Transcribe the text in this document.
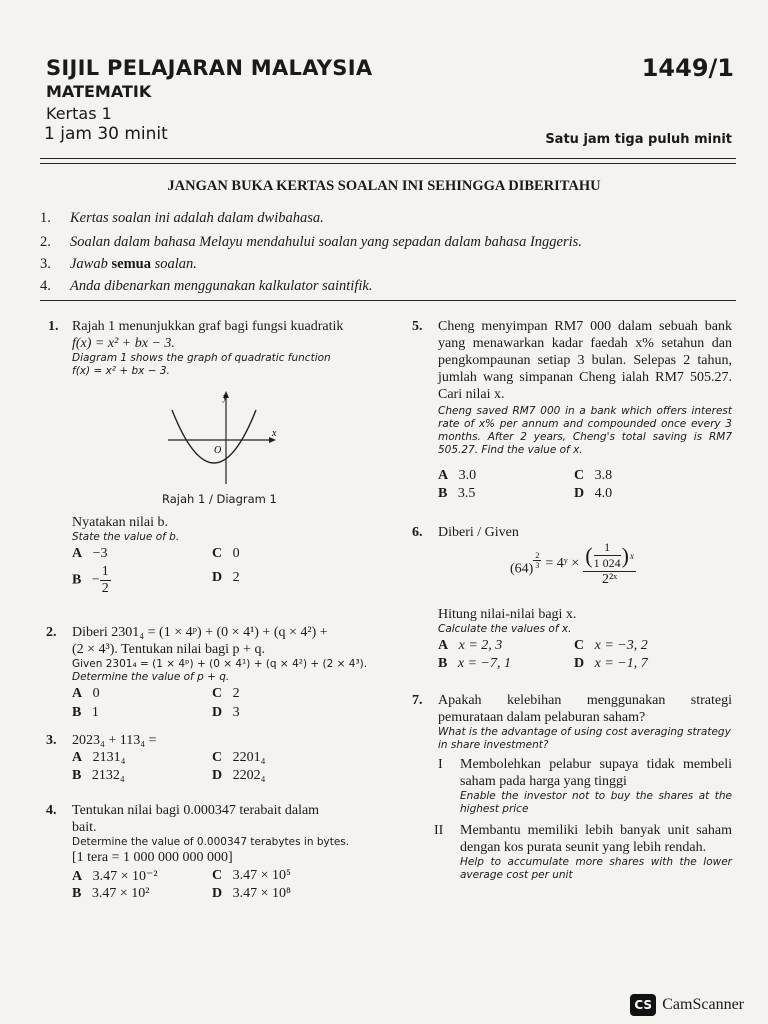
SIJIL PELAJARAN MALAYSIA	1449/1
MATEMATIK
Kertas 1
1 jam 30 minit	Satu jam tiga puluh minit
JANGAN BUKA KERTAS SOALAN INI SEHINGGA DIBERITAHU
1. Kertas soalan ini adalah dalam dwibahasa.
2. Soalan dalam bahasa Melayu mendahului soalan yang sepadan dalam bahasa Inggeris.
3. Jawab semua soalan.
4. Anda dibenarkan menggunakan kalkulator saintifik.
1. Rajah 1 menunjukkan graf bagi fungsi kuadratik
f(x) = x² + bx − 3.
Diagram 1 shows the graph of quadratic function
f(x) = x² + bx − 3.
y
x
O
Rajah 1 / Diagram 1
Nyatakan nilai b.
State the value of b.
A −3
$B - \frac{1}{2}$
C 0
D 2
2. Diberi 2301₄ = (1 × 4ᵖ) + (0 × 4¹) + (q × 4²) +
(2 × 4³). Tentukan nilai bagi p + q.
Given 2301₄ = (1 × 4ᵖ) + (0 × 4¹) + (q × 4²) + (2 × 4³).
Determine the value of p + q.
A 0
B 1
C 2
D 3
3. 2023₄ + 113₄ =
A 2131₄
B 2132₄
C 2201₄
D 2202₄
4. Tentukan nilai bagi 0.000347 terabait dalam
bait.
Determine the value of 0.000347 terabytes in bytes.
[1 tera = 1 000 000 000 000]
A 3.47 × 10⁻²
B 3.47 × 10²
C 3.47 × 10⁵
D 3.47 × 10⁸
5. Cheng menyimpan RM7 000 dalam sebuah bank yang menawarkan kadar faedah x% setahun dan pengkompaunan setiap 3 bulan. Selepas 2 tahun, jumlah wang simpanan Cheng ialah RM7 505.27. Cari nilai x.
Cheng saved RM7 000 in a bank which offers interest rate of x% per annum and compounded once every 3 months. After 2 years, Cheng's total saving is RM7 505.27. Find the value of x.
A 3.0
B 3.5
C 3.8
D 4.0
6. Diberi / Given
(64) $^{\frac{2}{3}}$ = 4ʸ × $\frac{( \frac{1}{1 024} ) x}{\text{2²ˣ}}$
Hitung nilai-nilai bagi x.
Calculate the values of x.
A x = 2, 3
B x = −7, 1
C x = −3, 2
D x = −1, 7
7. Apakah kelebihan menggunakan strategi
pemurataan dalam pelaburan saham?
What is the advantage of using cost averaging strategy in share investment?
I Membolehkan pelabur supaya tidak membeli saham pada harga yang tinggi
Enable the investor not to buy the shares at the highest price
II Membantu memiliki lebih banyak unit saham dengan kos purata seunit yang lebih rendah.
Help to accumulate more shares with the lower average cost per unit
CS CamScanner
